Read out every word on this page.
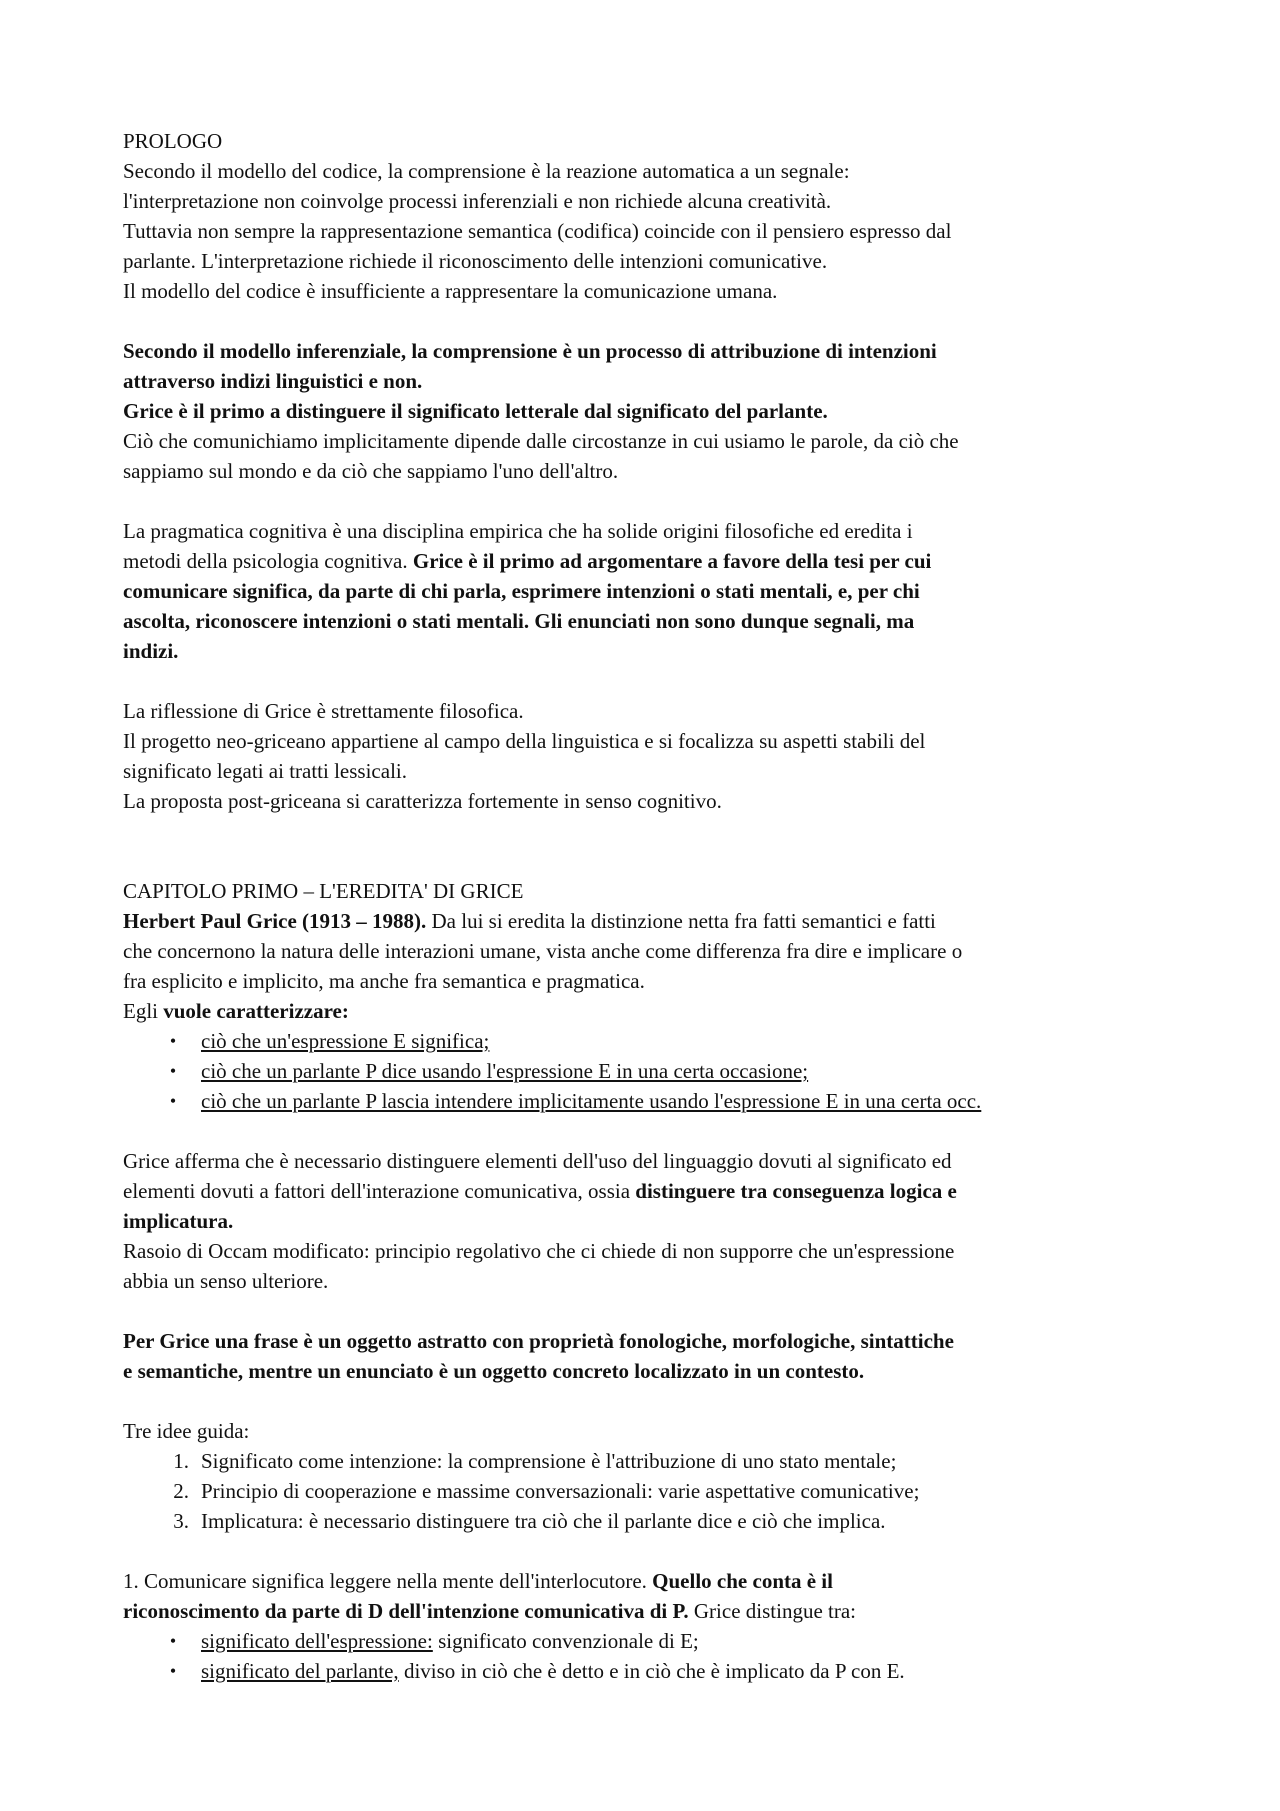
PROLOGO

Secondo il modello del codice, la comprensione è la reazione automatica a un segnale:
l'interpretazione non coinvolge processi inferenziali e non richiede alcuna creatività.

Tuttavia non sempre la rappresentazione semantica (codifica) coincide con il pensiero espresso dal
parlante. L'interpretazione richiede il riconoscimento delle intenzioni comunicative.

Il modello del codice è insufficiente a rappresentare la comunicazione umana.

Secondo il modello inferenziale, la comprensione è un processo di attribuzione di intenzioni
attraverso indizi linguistici e non.

Grice è il primo a distinguere il significato letterale dal significato del parlante.

Ciò che comunichiamo implicitamente dipende dalle circostanze in cui usiamo le parole, da ciò che
sappiamo sul mondo e da ciò che sappiamo l'uno dell'altro.

La pragmatica cognitiva è una disciplina empirica che ha solide origini filosofiche ed eredita i
metodi della psicologia cognitiva. Grice è il primo ad argomentare a favore della tesi per cui
comunicare significa, da parte di chi parla, esprimere intenzioni o stati mentali, e, per chi
ascolta, riconoscere intenzioni o stati mentali. Gli enunciati non sono dunque segnali, ma
indizi.

La riflessione di Grice è strettamente filosofica.

Il progetto neo-griceano appartiene al campo della linguistica e si focalizza su aspetti stabili del
significato legati ai tratti lessicali.

La proposta post-griceana si caratterizza fortemente in senso cognitivo.

CAPITOLO PRIMO – L'EREDITA' DI GRICE

Herbert Paul Grice (1913 – 1988). Da lui si eredita la distinzione netta fra fatti semantici e fatti
che concernono la natura delle interazioni umane, vista anche come differenza fra dire e implicare o
fra esplicito e implicito, ma anche fra semantica e pragmatica.

Egli vuole caratterizzare:

•	ciò che un'espressione E significa;
•	ciò che un parlante P dice usando l'espressione E in una certa occasione;
•	ciò che un parlante P lascia intendere implicitamente usando l'espressione E in una certa occ.

Grice afferma che è necessario distinguere elementi dell'uso del linguaggio dovuti al significato ed
elementi dovuti a fattori dell'interazione comunicativa, ossia distinguere tra conseguenza logica e
implicatura.

Rasoio di Occam modificato: principio regolativo che ci chiede di non supporre che un'espressione
abbia un senso ulteriore.

Per Grice una frase è un oggetto astratto con proprietà fonologiche, morfologiche, sintattiche
e semantiche, mentre un enunciato è un oggetto concreto localizzato in un contesto.

Tre idee guida:

1. Significato come intenzione: la comprensione è l'attribuzione di uno stato mentale;
2. Principio di cooperazione e massime conversazionali: varie aspettative comunicative;
3. Implicatura: è necessario distinguere tra ciò che il parlante dice e ciò che implica.

1. Comunicare significa leggere nella mente dell'interlocutore. Quello che conta è il
riconoscimento da parte di D dell'intenzione comunicativa di P. Grice distingue tra:

•	significato dell'espressione: significato convenzionale di E;
•	significato del parlante, diviso in ciò che è detto e in ciò che è implicato da P con E.
